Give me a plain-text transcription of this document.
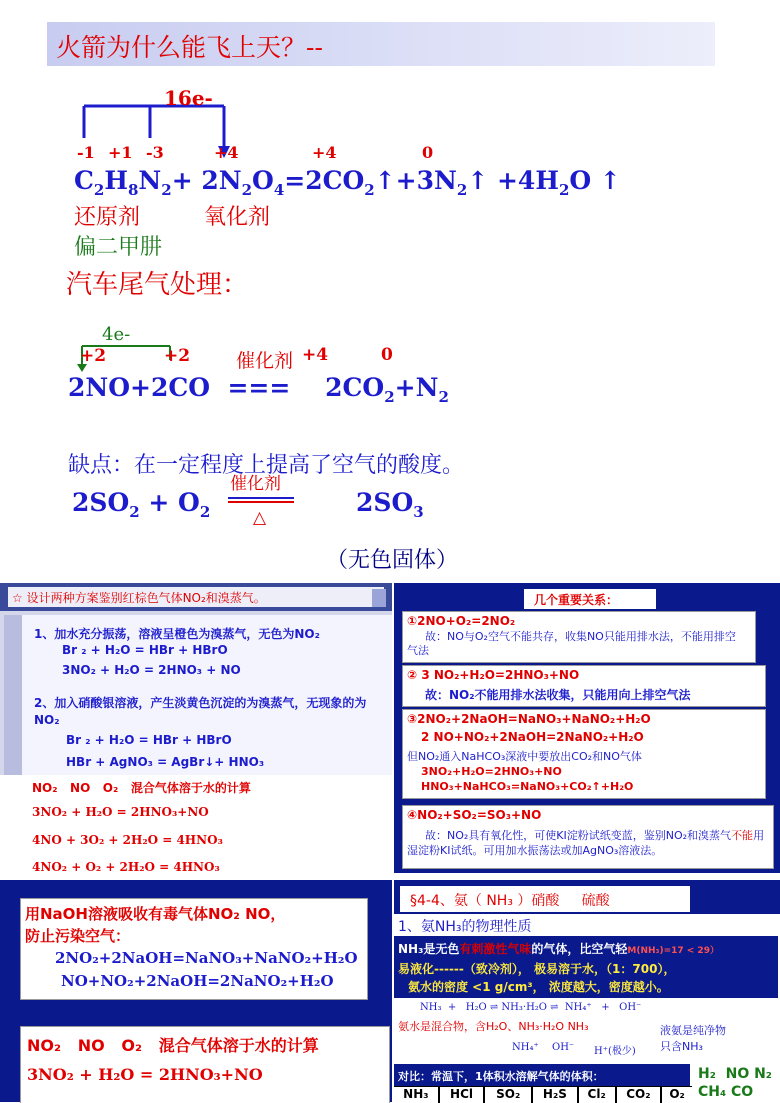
火箭为什么能飞上天？--
16e-
-1 +1 -3	+4	+4	0
$C_2H_8N_2+$ $2N_2O_4=2CO_2↑+3N_2↑ +4H_2O$ ↑
还原剂	氧化剂
偏二甲肼
汽车尾气处理：
4e-
+2	+2 催化剂 +4	0
2NO+2CO  ===    $2CO_2+N_2$
缺点：在一定程度上提高了空气的酸度。
催化剂
△
$2SO_2 + O_2$	$2SO_3$
（无色固体）
☆ 设计两种方案鉴别红棕色气体NO₂和溴蒸气。
1、加水充分振荡，溶液呈橙色为溴蒸气，无色为NO₂
Br ₂ + H₂O = HBr + HBrO
3NO₂ + H₂O = 2HNO₃ + NO
2、加入硝酸银溶液，产生淡黄色沉淀的为溴蒸气，无现象的为NO₂
Br ₂ + H₂O = HBr + HBrO
HBr + AgNO₃ = AgBr↓+ HNO₃
NO₂   NO   O₂ 混合气体溶于水的计算
3NO₂ + H₂O = 2HNO₃+NO
4NO + 3O₂ + 2H₂O = 4HNO₃
4NO₂ + O₂ + 2H₂O = 4HNO₃
几个重要关系：
①2NO+O₂=2NO₂
故：NO与O₂空气不能共存，收集NO只能用排水法，不能用排空气法
② 3 NO₂+H₂O=2HNO₃+NO
故：NO₂不能用排水法收集，只能用向上排空气法
③2NO₂+2NaOH=NaNO₃+NaNO₂+H₂O
2 NO+NO₂+2NaOH=2NaNO₂+H₂O
但NO₂通入NaHCO₃深液中要放出CO₂和NO气体
3NO₂+H₂O=2HNO₃+NO
HNO₃+NaHCO₃=NaNO₃+CO₂↑+H₂O
④NO₂+SO₂=SO₃+NO
故：NO₂具有氧化性，可使KI淀粉试纸变蓝，鉴别NO₂和溴蒸气不能用湿淀粉KI试纸。可用加水振荡法或加AgNO₃溶液法。
用NaOH溶液吸收有毒气体NO₂ NO，
防止污染空气：
2NO₂+2NaOH=NaNO₃+NaNO₂+H₂O
NO+NO₂+2NaOH=2NaNO₂+H₂O
NO₂   NO   O₂ 混合气体溶于水的计算
3NO₂ + H₂O = 2HNO₃+NO
§4-4、氨（ NH₃ ）硝酸     硫酸
1、氨NH₃的物理性质
NH₃是无色有刺激性气味的气体，比空气轻M(NH₃)=17 < 29）
易液化------（致冷剂）， 极易溶于水，（1：700），
氨水的密度 <1 g/cm³， 浓度越大，密度越小。
NH₃  +   H₂O ⇌ NH₃·H₂O ⇌  NH₄⁺   +   OH⁻
氨水是混合物，含H₂O、NH₃·H₂O NH₃	液氨是纯净物
只含NH₃
NH₄⁺ OH⁻ H⁺(极少)
对比：常温下，1体积水溶解气体的体积：
NH₃	HCl	SO₂	H₂S	Cl₂	CO₂	O₂
H₂  NO N₂
CH₄ CO
